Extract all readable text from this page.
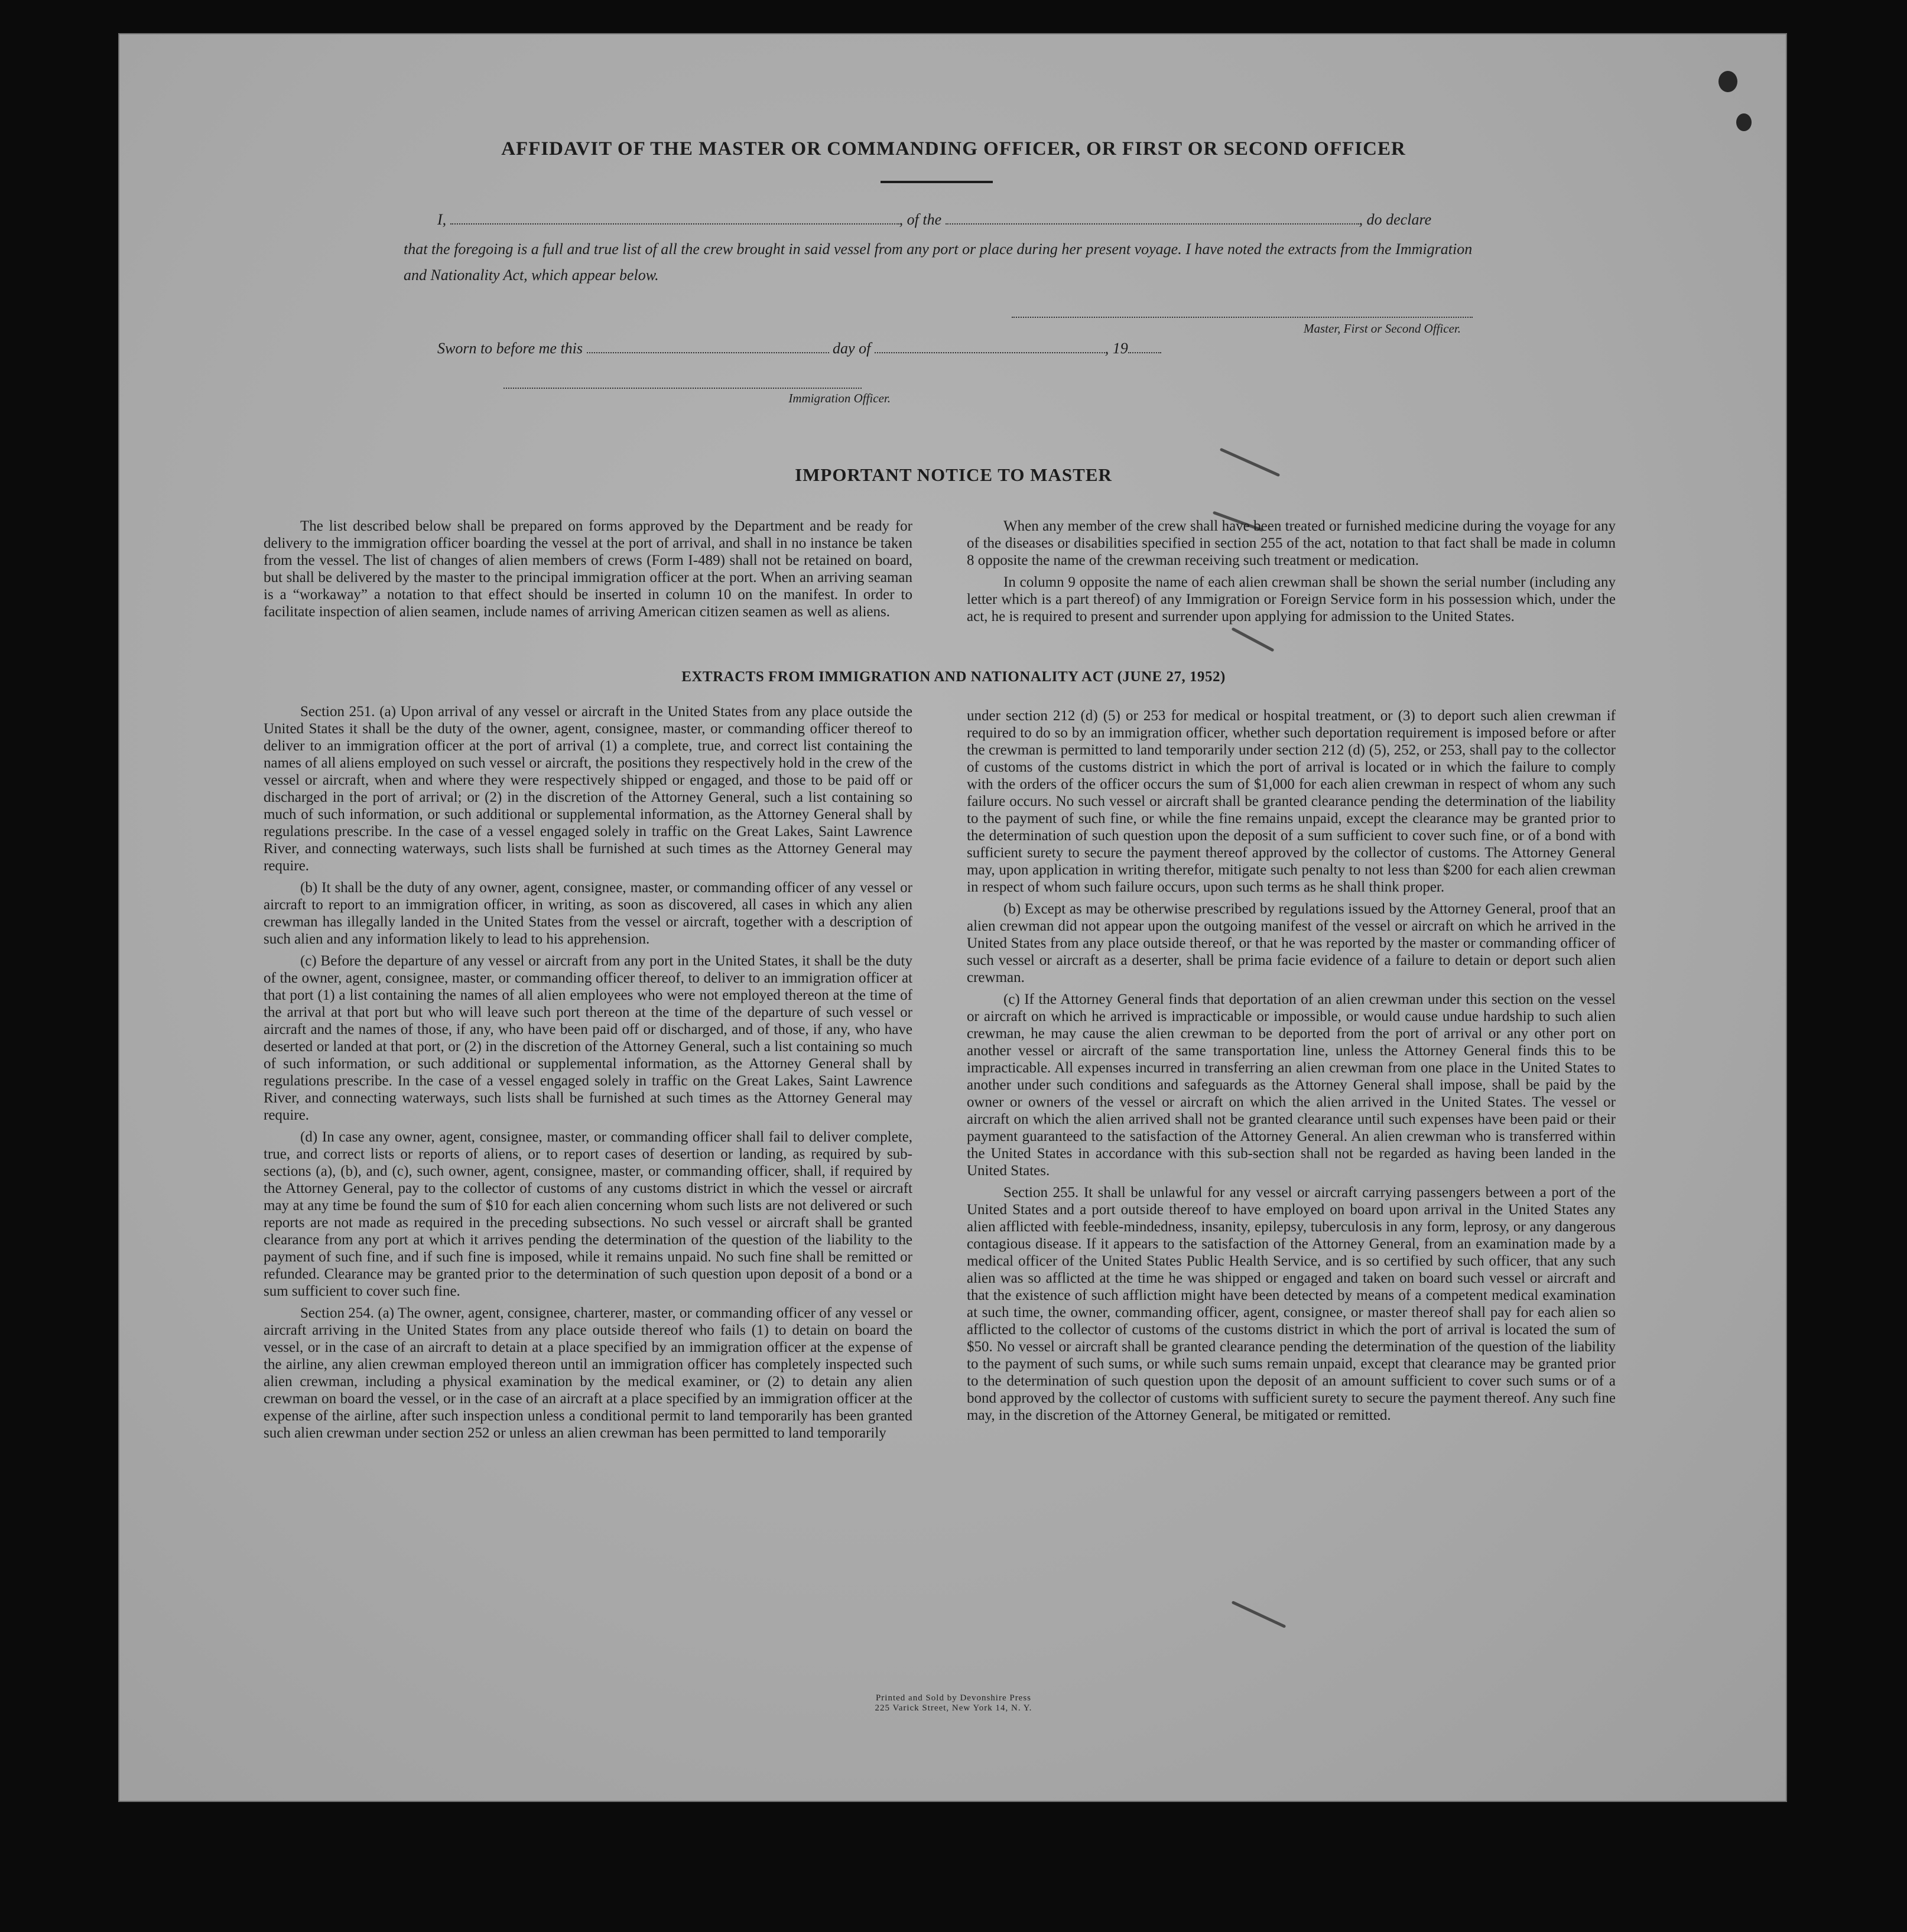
AFFIDAVIT OF THE MASTER OR COMMANDING OFFICER, OR FIRST OR SECOND OFFICER
I,	, of the	, do declare
that the foregoing is a full and true list of all the crew brought in said vessel from any port or place during her present voyage. I have noted the extracts from the Immigration and Nationality Act, which appear below.
Master, First or Second Officer.
Sworn to before me this	day of	, 19
Immigration Officer.
IMPORTANT NOTICE TO MASTER

The list described below shall be prepared on forms approved by the Department and be ready for delivery to the immigration officer boarding the vessel at the port of arrival, and shall in no instance be taken from the vessel. The list of changes of alien members of crews (Form I-489) shall not be retained on board, but shall be delivered by the master to the principal immigration officer at the port. When an arriving seaman is a “workaway” a notation to that effect should be inserted in column 10 on the manifest. In order to facilitate inspection of alien seamen, include names of arriving American citizen seamen as well as aliens.

When any member of the crew shall have been treated or furnished medicine during the voyage for any of the diseases or disabilities specified in section 255 of the act, notation to that fact shall be made in column 8 opposite the name of the crewman receiving such treatment or medication.

In column 9 opposite the name of each alien crewman shall be shown the serial number (including any letter which is a part thereof) of any Immigration or Foreign Service form in his possession which, under the act, he is required to present and surrender upon applying for admission to the United States.

EXTRACTS FROM IMMIGRATION AND NATIONALITY ACT (JUNE 27, 1952)

Section 251. (a) Upon arrival of any vessel or aircraft in the United States from any place outside the United States it shall be the duty of the owner, agent, consignee, master, or commanding officer thereof to deliver to an immigration officer at the port of arrival (1) a complete, true, and correct list containing the names of all aliens employed on such vessel or aircraft, the positions they respectively hold in the crew of the vessel or aircraft, when and where they were respectively shipped or engaged, and those to be paid off or discharged in the port of arrival; or (2) in the discretion of the Attorney General, such a list containing so much of such information, or such additional or supplemental information, as the Attorney General shall by regulations prescribe. In the case of a vessel engaged solely in traffic on the Great Lakes, Saint Lawrence River, and connecting waterways, such lists shall be furnished at such times as the Attorney General may require.

(b) It shall be the duty of any owner, agent, consignee, master, or commanding officer of any vessel or aircraft to report to an immigration officer, in writing, as soon as discovered, all cases in which any alien crewman has illegally landed in the United States from the vessel or aircraft, together with a description of such alien and any information likely to lead to his apprehension.

(c) Before the departure of any vessel or aircraft from any port in the United States, it shall be the duty of the owner, agent, consignee, master, or commanding officer thereof, to deliver to an immigration officer at that port (1) a list containing the names of all alien employees who were not employed thereon at the time of the arrival at that port but who will leave such port thereon at the time of the departure of such vessel or aircraft and the names of those, if any, who have been paid off or discharged, and of those, if any, who have deserted or landed at that port, or (2) in the discretion of the Attorney General, such a list containing so much of such information, or such additional or supplemental information, as the Attorney General shall by regulations prescribe. In the case of a vessel engaged solely in traffic on the Great Lakes, Saint Lawrence River, and connecting waterways, such lists shall be furnished at such times as the Attorney General may require.

(d) In case any owner, agent, consignee, master, or commanding officer shall fail to deliver complete, true, and correct lists or reports of aliens, or to report cases of desertion or landing, as required by sub-sections (a), (b), and (c), such owner, agent, consignee, master, or commanding officer, shall, if required by the Attorney General, pay to the collector of customs of any customs district in which the vessel or aircraft may at any time be found the sum of $10 for each alien concerning whom such lists are not delivered or such reports are not made as required in the preceding subsections. No such vessel or aircraft shall be granted clearance from any port at which it arrives pending the determination of the question of the liability to the payment of such fine, and if such fine is imposed, while it remains unpaid. No such fine shall be remitted or refunded. Clearance may be granted prior to the determination of such question upon deposit of a bond or a sum sufficient to cover such fine.

Section 254. (a) The owner, agent, consignee, charterer, master, or commanding officer of any vessel or aircraft arriving in the United States from any place outside thereof who fails (1) to detain on board the vessel, or in the case of an aircraft to detain at a place specified by an immigration officer at the expense of the airline, any alien crewman employed thereon until an immigration officer has completely inspected such alien crewman, including a physical examination by the medical examiner, or (2) to detain any alien crewman on board the vessel, or in the case of an aircraft at a place specified by an immigration officer at the expense of the airline, after such inspection unless a conditional permit to land temporarily has been granted such alien crewman under section 252 or unless an alien crewman has been permitted to land temporarily

under section 212 (d) (5) or 253 for medical or hospital treatment, or (3) to deport such alien crewman if required to do so by an immigration officer, whether such deportation requirement is imposed before or after the crewman is permitted to land temporarily under section 212 (d) (5), 252, or 253, shall pay to the collector of customs of the customs district in which the port of arrival is located or in which the failure to comply with the orders of the officer occurs the sum of $1,000 for each alien crewman in respect of whom any such failure occurs. No such vessel or aircraft shall be granted clearance pending the determination of the liability to the payment of such fine, or while the fine remains unpaid, except the clearance may be granted prior to the determination of such question upon the deposit of a sum sufficient to cover such fine, or of a bond with sufficient surety to secure the payment thereof approved by the collector of customs. The Attorney General may, upon application in writing therefor, mitigate such penalty to not less than $200 for each alien crewman in respect of whom such failure occurs, upon such terms as he shall think proper.

(b) Except as may be otherwise prescribed by regulations issued by the Attorney General, proof that an alien crewman did not appear upon the outgoing manifest of the vessel or aircraft on which he arrived in the United States from any place outside thereof, or that he was reported by the master or commanding officer of such vessel or aircraft as a deserter, shall be prima facie evidence of a failure to detain or deport such alien crewman.

(c) If the Attorney General finds that deportation of an alien crewman under this section on the vessel or aircraft on which he arrived is impracticable or impossible, or would cause undue hardship to such alien crewman, he may cause the alien crewman to be deported from the port of arrival or any other port on another vessel or aircraft of the same transportation line, unless the Attorney General finds this to be impracticable. All expenses incurred in transferring an alien crewman from one place in the United States to another under such conditions and safeguards as the Attorney General shall impose, shall be paid by the owner or owners of the vessel or aircraft on which the alien arrived in the United States. The vessel or aircraft on which the alien arrived shall not be granted clearance until such expenses have been paid or their payment guaranteed to the satisfaction of the Attorney General. An alien crewman who is transferred within the United States in accordance with this sub-section shall not be regarded as having been landed in the United States.

Section 255. It shall be unlawful for any vessel or aircraft carrying passengers between a port of the United States and a port outside thereof to have employed on board upon arrival in the United States any alien afflicted with feeble-mindedness, insanity, epilepsy, tuberculosis in any form, leprosy, or any dangerous contagious disease. If it appears to the satisfaction of the Attorney General, from an examination made by a medical officer of the United States Public Health Service, and is so certified by such officer, that any such alien was so afflicted at the time he was shipped or engaged and taken on board such vessel or aircraft and that the existence of such affliction might have been detected by means of a competent medical examination at such time, the owner, commanding officer, agent, consignee, or master thereof shall pay for each alien so afflicted to the collector of customs of the customs district in which the port of arrival is located the sum of $50. No vessel or aircraft shall be granted clearance pending the determination of the question of the liability to the payment of such sums, or while such sums remain unpaid, except that clearance may be granted prior to the determination of such question upon the deposit of an amount sufficient to cover such sums or of a bond approved by the collector of customs with sufficient surety to secure the payment thereof. Any such fine may, in the discretion of the Attorney General, be mitigated or remitted.

Printed and Sold by Devonshire Press
225 Varick Street, New York 14, N. Y.
